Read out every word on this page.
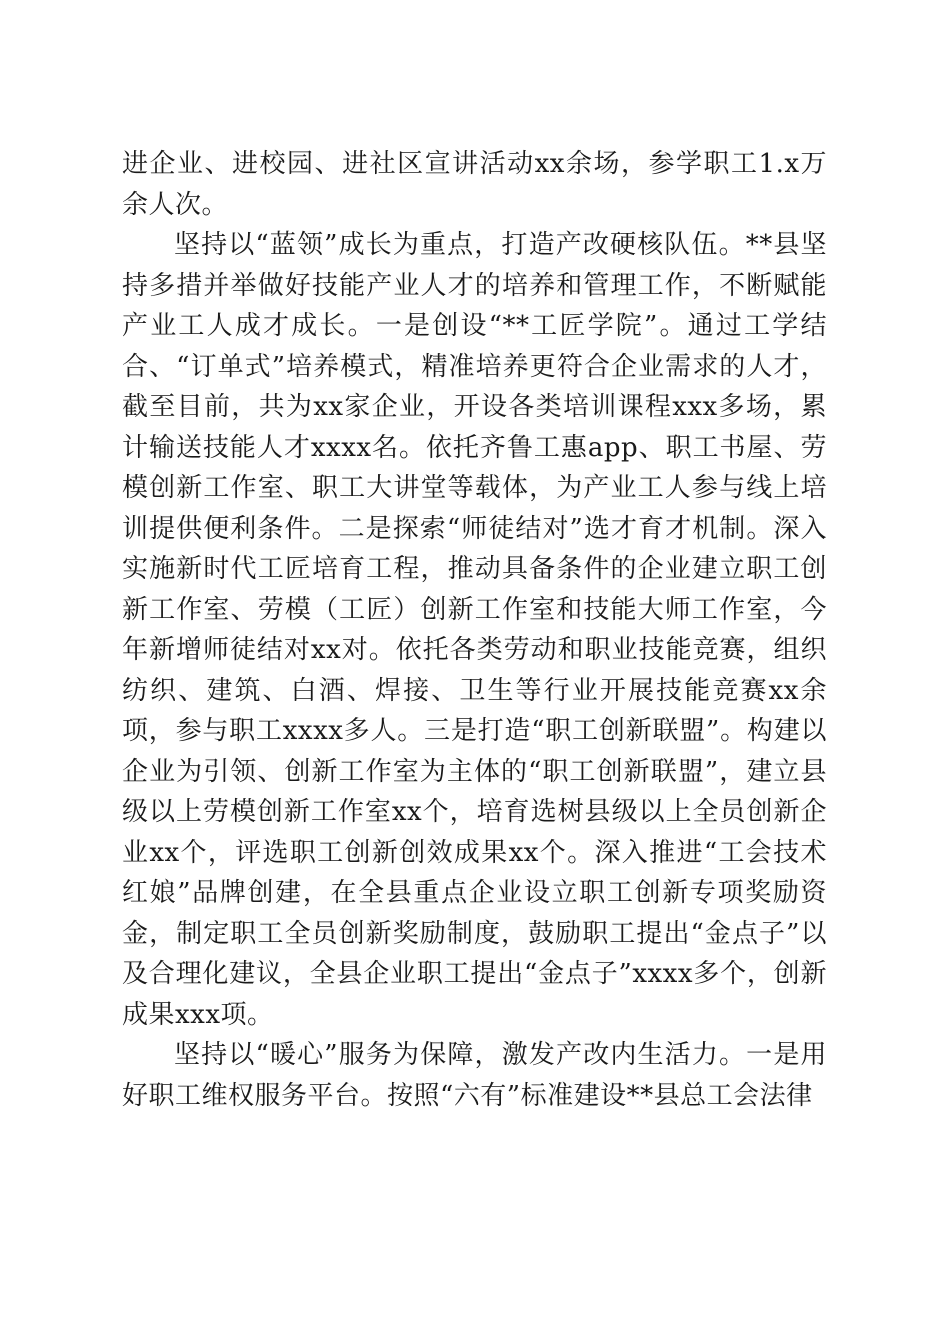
进企业、进校园、进社区宣讲活动xx余场，参学职工1.x万余人次。

坚持以“蓝领”成长为重点，打造产改硬核队伍。**县坚持多措并举做好技能产业人才的培养和管理工作，不断赋能产业工人成才成长。一是创设“**工匠学院”。通过工学结合、“订单式”培养模式，精准培养更符合企业需求的人才，截至目前，共为xx家企业，开设各类培训课程xxx多场，累计输送技能人才xxxx名。依托齐鲁工惠app、职工书屋、劳模创新工作室、职工大讲堂等载体，为产业工人参与线上培训提供便利条件。二是探索“师徒结对”选才育才机制。深入实施新时代工匠培育工程，推动具备条件的企业建立职工创新工作室、劳模（工匠）创新工作室和技能大师工作室，今年新增师徒结对xx对。依托各类劳动和职业技能竞赛，组织纺织、建筑、白酒、焊接、卫生等行业开展技能竞赛xx余项，参与职工xxxx多人。三是打造“职工创新联盟”。构建以企业为引领、创新工作室为主体的“职工创新联盟”，建立县级以上劳模创新工作室xx个，培育选树县级以上全员创新企业xx个，评选职工创新创效成果xx个。深入推进“工会技术红娘”品牌创建，在全县重点企业设立职工创新专项奖励资金，制定职工全员创新奖励制度，鼓励职工提出“金点子”以及合理化建议，全县企业职工提出“金点子”xxxx多个，创新成果xxx项。

坚持以“暖心”服务为保障，激发产改内生活力。一是用好职工维权服务平台。按照“六有”标准建设**县总工会法律
